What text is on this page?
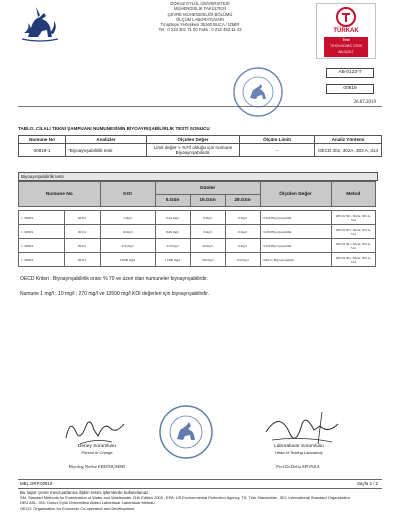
DOKUZ EYLÜL ÜNİVERSİTESİ
MÜHENDİSLİK FAKÜLTESİ
ÇEVRE MÜHENDİSLİĞİ BÖLÜMÜ
ÖLÇÜM LABORATUVARI
Tınaztepe Yerleşkesi 35160 BUCA / İZMİR
Tel : 0 232 301 71 00 Faks : 0 232 453 11 43	TÜRKAK
Test
TS EN ISO/IEC 17025
AB-0123-T
AB-0123-T
00819
26.07.2019
TABLO. CİLALI TEKNİ ŞAMPUANI NUMUNESİNİN BİYOAYRIŞABİLİRLİK TESTİ SONUCU
Numune No	Analizler	Ölçülen Değer	Ölçüm Limiti	Analiz Yöntemi
00819-1	*Biyoayrışabilirlik testi	Limit değer > %70 olduğu için numune Biyoayrışabilirdir.	--	OECD 301, 302A, 303 A, 314
Biyoayrışabilirlik testi
Numune No		KOI	Günler			Ölçülen Değer	Metod
			5.Gün	15.Gün	28.Gün		

1 -00819	00112	1 mg/l	0,24 mg/l	0 mg/l	0 mg/l	%100 Biyoayrışabilir	OECD 301, 302A, 303 A, 314
1 -00819	00112	10 mg/l	8,49 mg/l	0 mg/l	0 mg/l	%100 Biyoayrışabilir	OECD 301, 302A, 303 A, 314
1 -00819	00112	270 mg/l	210 mg/l	39 mg/l	0 mg/l	%100 Biyoayrışabilir	OECD 301, 302A, 303 A, 314
1 -00819	00112	13500 mg/l	11500 mg/l	790 mg/l	120 mg/l	%99,11 Biyoayrışabilir	OECD 301, 302A, 303 A, 314
OECD Kriteri : Biyoayrışabilirlik oranı % 70 ve üzeri olan numuneler biyoayrışabilirdir.
Numune 1 mg/l ; 10 mg/l ; 270 mg/l ve 13500 mg/l KOI değerleri için biyoayrışabilirdir.
Deney Sorumlusu
Person in Charge
Biyolog Nefise ERDİNÇMER
Laboratuvar Sorumlusu
Head of Testing Laboratory
Prof.Dr.Delia SPONZA
MBL.DRP.00819	Sayfa 2 / 2
Bu rapor çevre mevzuatlarına ilişkin resmi işlemlerde kullanılamaz.
SM: Standart Methods for Examination of Water and Wastewater 21th Edition 2005 , EPA: US Environmental Protection Agency, TS: Türk Standartları, ISO: International Standard Organization
DEU ASL: 001: Dokuz Eylül Üniversitesi Atıksu Laboratuar Laboratuar Metodu.
OECD: Organisation for Economic Co-operation and Development
